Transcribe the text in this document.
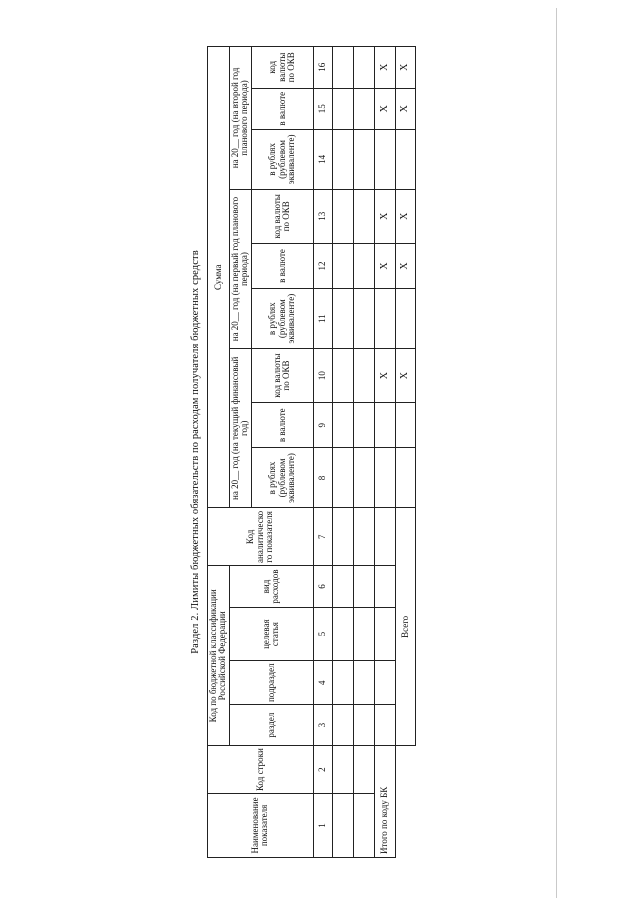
Раздел 2. Лимиты бюджетных обязательств по расходам получателя бюджетных средств
Наименование показателя	Код строки	Код по бюджетной классификации Российской Федерации				Код аналитического показателя	Сумма								
		раздел	подраздел	целевая статья	вид расходов		на 20__ год (на текущий финансовый год)			на 20__ год (на первый год планового периода)			на 20__ год (на второй год планового периода)		
							в рублях (рублевом эквиваленте)	в валюте	код валюты по ОКВ	в рублях (рублевом эквиваленте)	в валюте	код валюты по ОКВ	в рублях (рублевом эквиваленте)	в валюте	код валюты по ОКВ
1	2	3	4	5	6	7	8	9	10	11	12	13	14	15	16

Итого по коду БК									X		X	X		X	X
		Всего							X		X	X		X	X
